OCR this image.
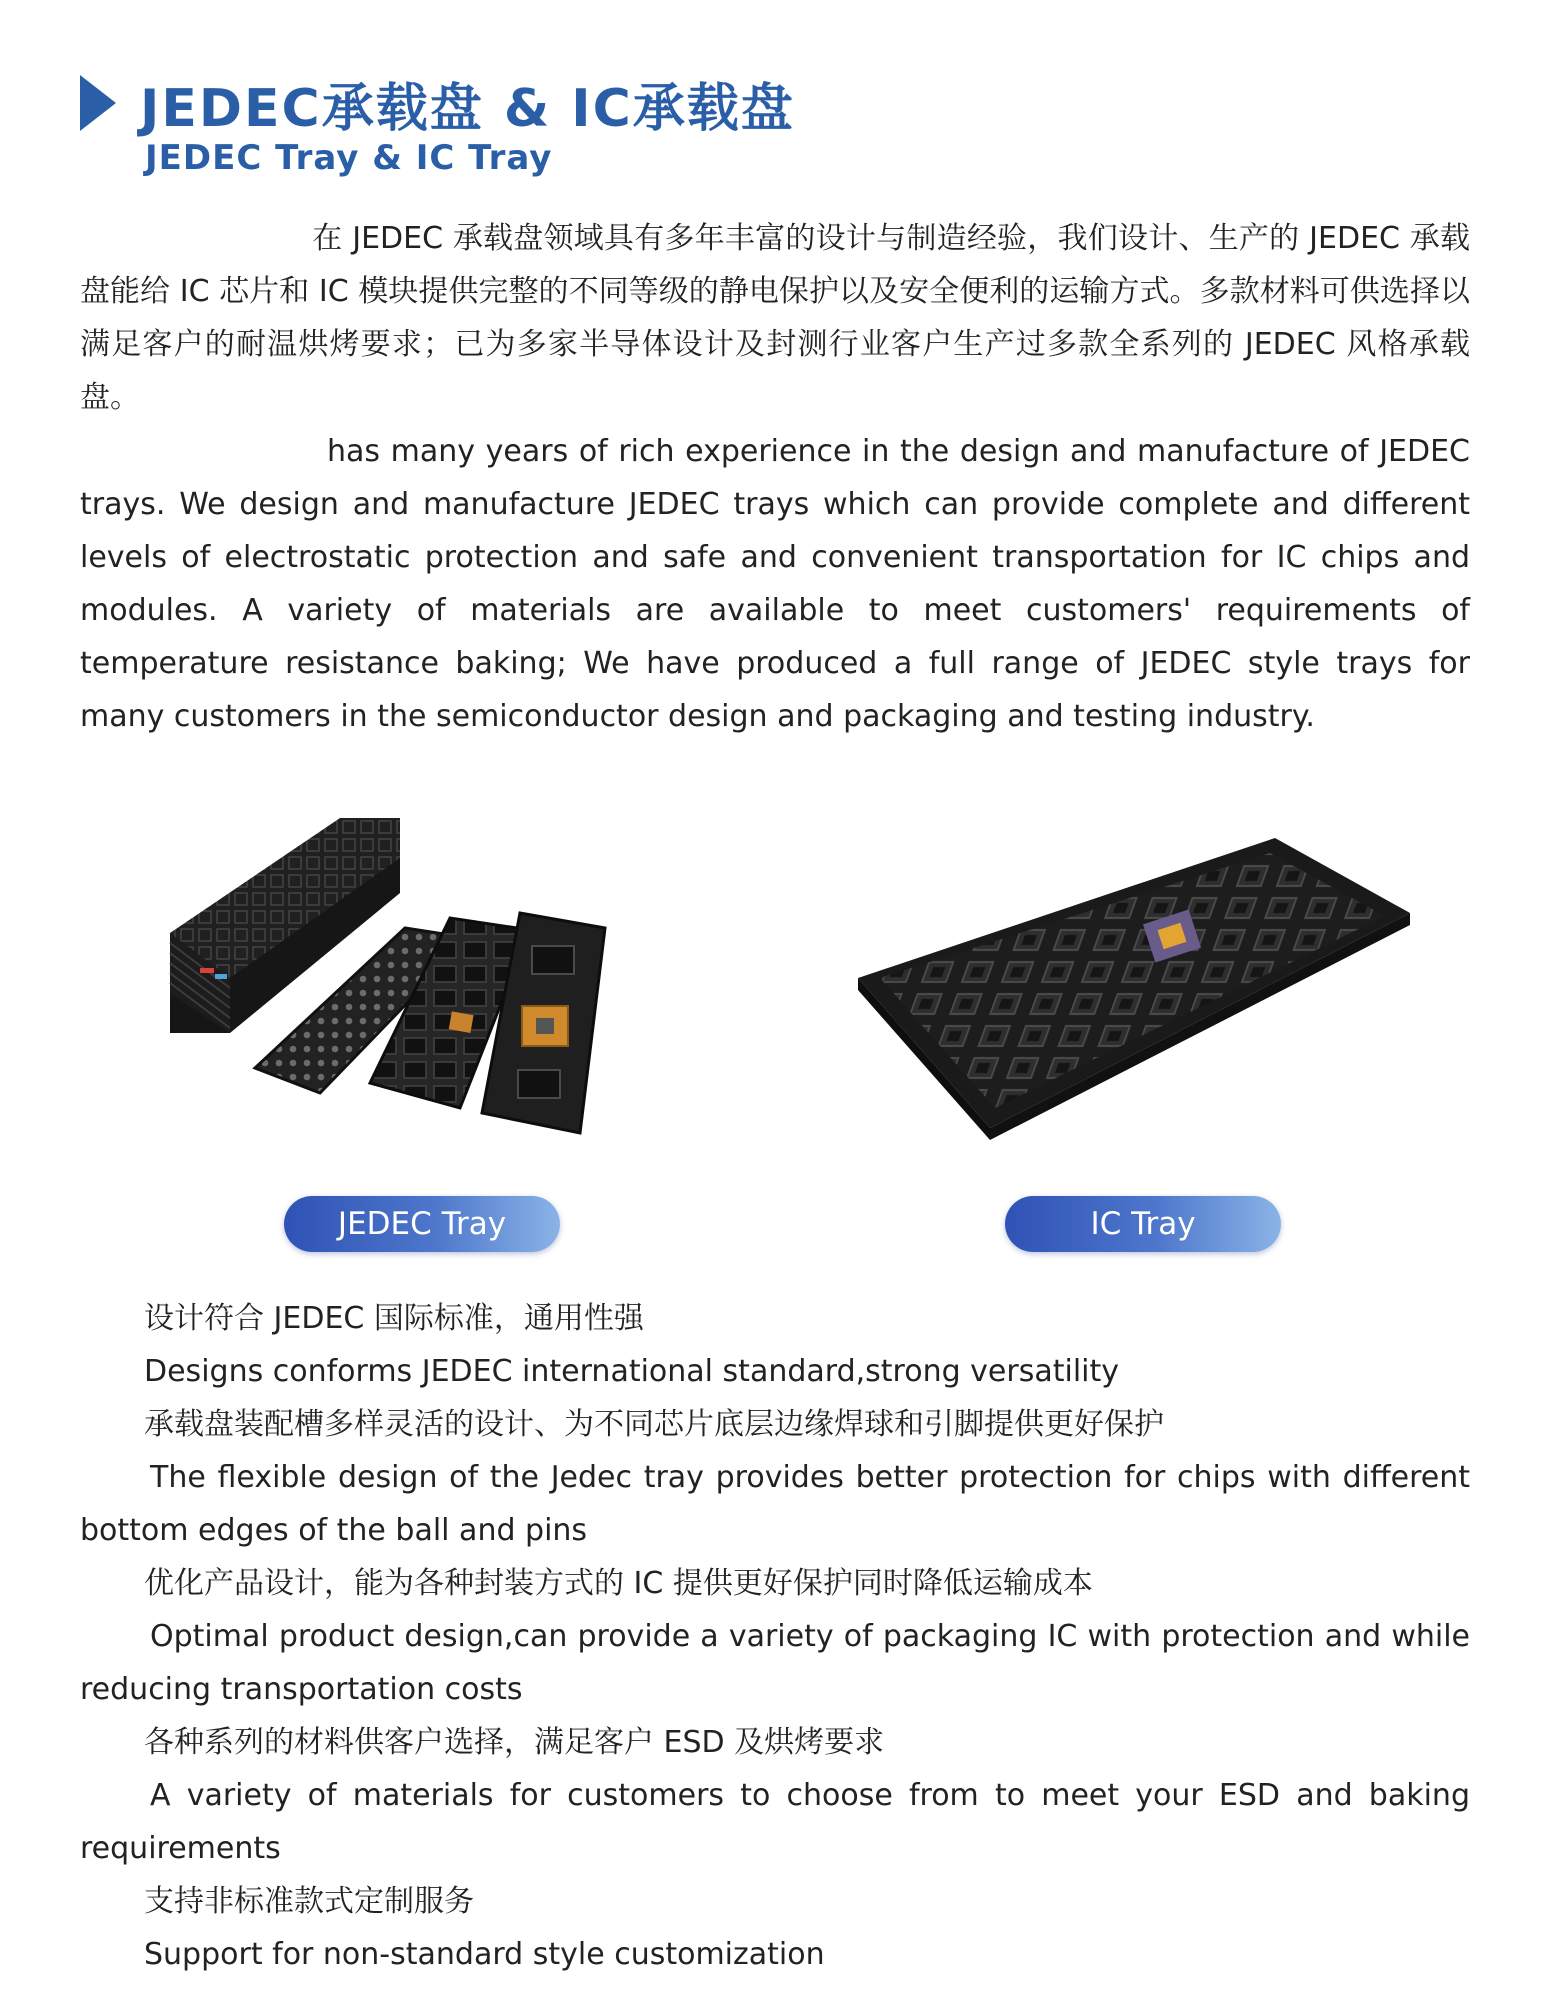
JEDEC承载盘 & IC承载盘
JEDEC Tray & IC Tray
在 JEDEC 承载盘领域具有多年丰富的设计与制造经验，我们设计、生产的 JEDEC 承载盘能给 IC 芯片和 IC 模块提供完整的不同等级的静电保护以及安全便利的运输方式。多款材料可供选择以满足客户的耐温烘烤要求；已为多家半导体设计及封测行业客户生产过多款全系列的 JEDEC 风格承载盘。
has many years of rich experience in the design and manufacture of JEDEC trays. We design and manufacture JEDEC trays which can provide complete and different levels of electrostatic protection and safe and convenient transportation for IC chips and modules. A variety of materials are available to meet customers' requirements of temperature resistance baking; We have produced a full range of JEDEC style trays for many customers in the semiconductor design and packaging and testing industry.
JEDEC Tray	IC Tray
设计符合 JEDEC 国际标准，通用性强
Designs conforms JEDEC international standard,strong versatility
承载盘装配槽多样灵活的设计、为不同芯片底层边缘焊球和引脚提供更好保护
The flexible design of the Jedec tray provides better protection for chips with different bottom edges of the ball and pins
优化产品设计，能为各种封装方式的 IC 提供更好保护同时降低运输成本
Optimal product design,can provide a variety of packaging IC with protection and while reducing transportation costs
各种系列的材料供客户选择，满足客户 ESD 及烘烤要求
A variety of materials for customers to choose from to meet your ESD and baking requirements
支持非标准款式定制服务
Support for non-standard style customization
